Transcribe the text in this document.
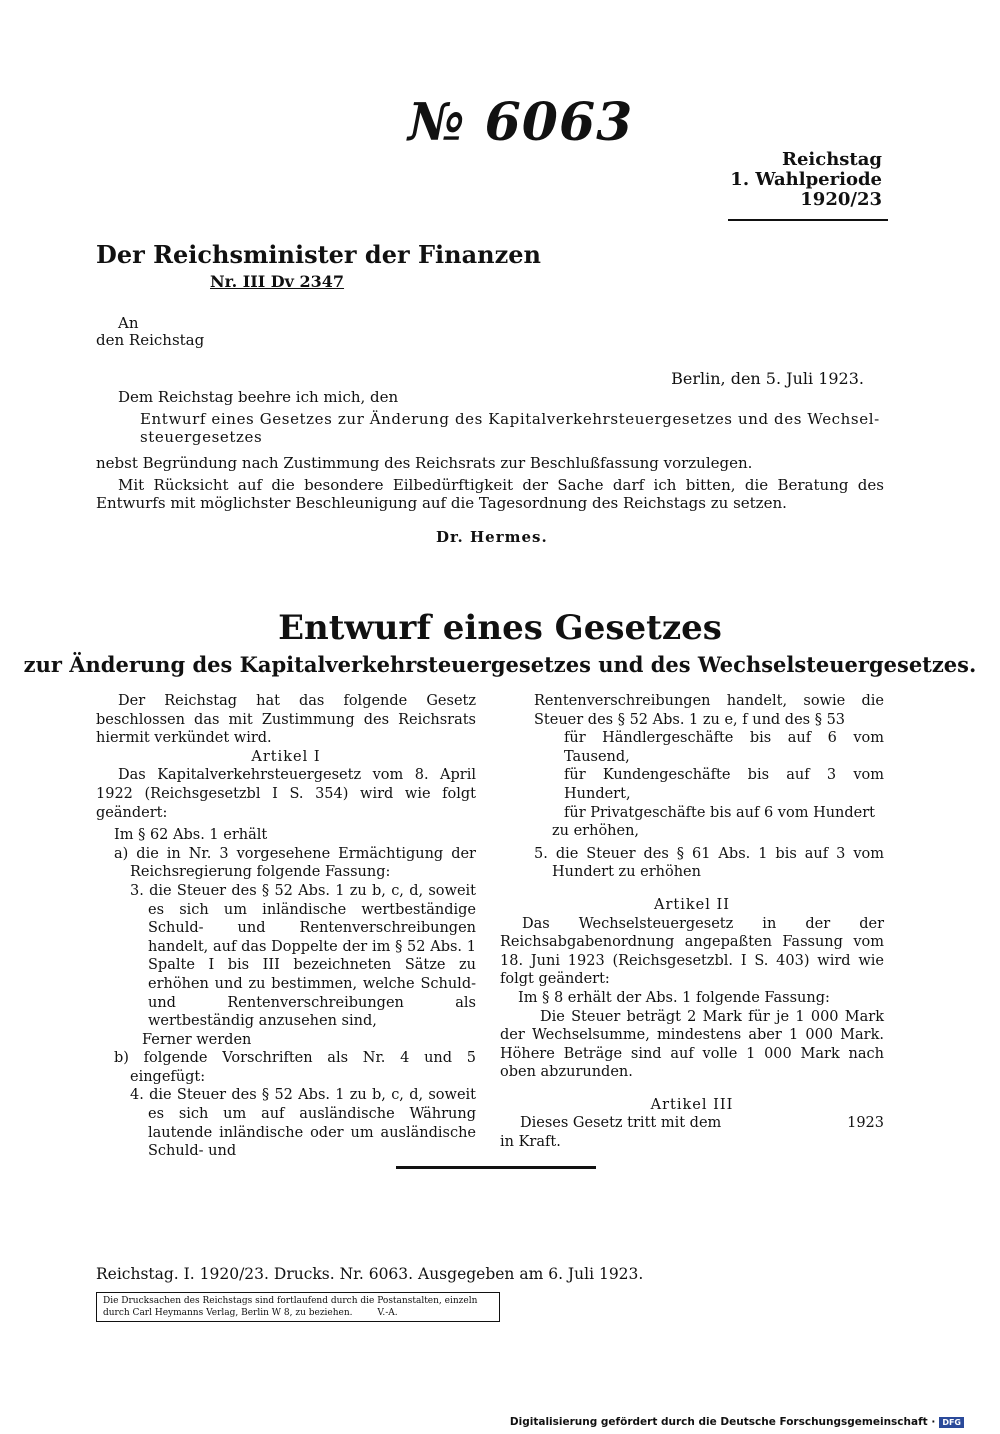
№ 6063
Reichstag
1. Wahlperiode
1920/23
Der Reichsminister der Finanzen
Nr. III Dv 2347
An
den Reichstag
Berlin, den 5. Juli 1923.
Dem Reichstag beehre ich mich, den
Entwurf eines Gesetzes zur Änderung des Kapitalverkehrsteuergesetzes und des Wechsel-
steuergesetzes
nebst Begründung nach Zustimmung des Reichsrats zur Beschlußfassung vorzulegen.
Mit Rücksicht auf die besondere Eilbedürftigkeit der Sache darf ich bitten, die Beratung des Entwurfs mit möglichster Beschleunigung auf die Tagesordnung des Reichstags zu setzen.
Dr. Hermes.
Entwurf eines Gesetzes
zur Änderung des Kapitalverkehrsteuergesetzes und des Wechselsteuergesetzes.
Der Reichstag hat das folgende Gesetz beschlossen das mit Zustimmung des Reichsrats hiermit verkündet wird.
Artikel I
Das Kapitalverkehrsteuergesetz vom 8. April 1922 (Reichsgesetzbl I S. 354) wird wie folgt geändert:
Im § 62 Abs. 1 erhält
a) die in Nr. 3 vorgesehene Ermächtigung der Reichsregierung folgende Fassung:
3. die Steuer des § 52 Abs. 1 zu b, c, d, soweit es sich um inländische wertbeständige Schuld- und Rentenverschreibungen handelt, auf das Doppelte der im § 52 Abs. 1 Spalte I bis III bezeichneten Sätze zu erhöhen und zu bestimmen, welche Schuld- und Rentenverschreibungen als wertbeständig anzusehen sind,
Ferner werden
b) folgende Vorschriften als Nr. 4 und 5 eingefügt:
4. die Steuer des § 52 Abs. 1 zu b, c, d, soweit es sich um auf ausländische Währung lautende inländische oder um ausländische Schuld- und
Rentenverschreibungen handelt, sowie die Steuer des § 52 Abs. 1 zu e, f und des § 53
für Händlergeschäfte bis auf 6 vom Tausend,
für Kundengeschäfte bis auf 3 vom Hundert,
für Privatgeschäfte bis auf 6 vom Hundert
zu erhöhen,
5. die Steuer des § 61 Abs. 1 bis auf 3 vom Hundert zu erhöhen
Artikel II
Das Wechselsteuergesetz in der der Reichsabgabenordnung angepaßten Fassung vom 18. Juni 1923 (Reichsgesetzbl. I S. 403) wird wie folgt geändert:
Im § 8 erhält der Abs. 1 folgende Fassung:
Die Steuer beträgt 2 Mark für je 1 000 Mark der Wechselsumme, mindestens aber 1 000 Mark. Höhere Beträge sind auf volle 1 000 Mark nach oben abzurunden.
Artikel III
Dieses Gesetz tritt mit dem	1923
in Kraft.
Reichstag. I. 1920/23. Drucks. Nr. 6063. Ausgegeben am 6. Juli 1923.
Die Drucksachen des Reichstags sind fortlaufend durch die Postanstalten, einzeln durch Carl Heymanns Verlag, Berlin W 8, zu beziehen.	V.-A.
Digitalisierung gefördert durch die Deutsche Forschungsgemeinschaft · DFG
